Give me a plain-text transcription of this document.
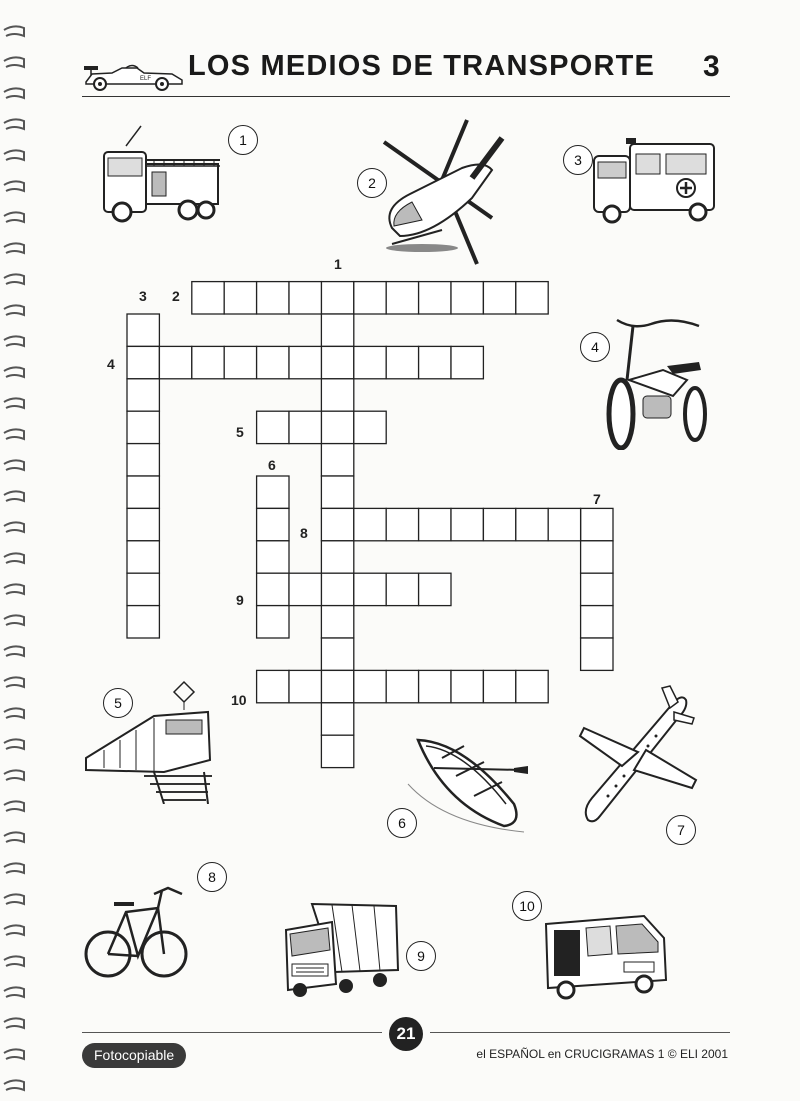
ELF LOS MEDIOS DE TRANSPORTE 3
2
4
5
8
9
10
1
3
6
7
1
2
3
4
5
6	7
8
9
10
21
Fotocopiable	el ESPAÑOL en CRUCIGRAMAS 1 © ELI 2001
